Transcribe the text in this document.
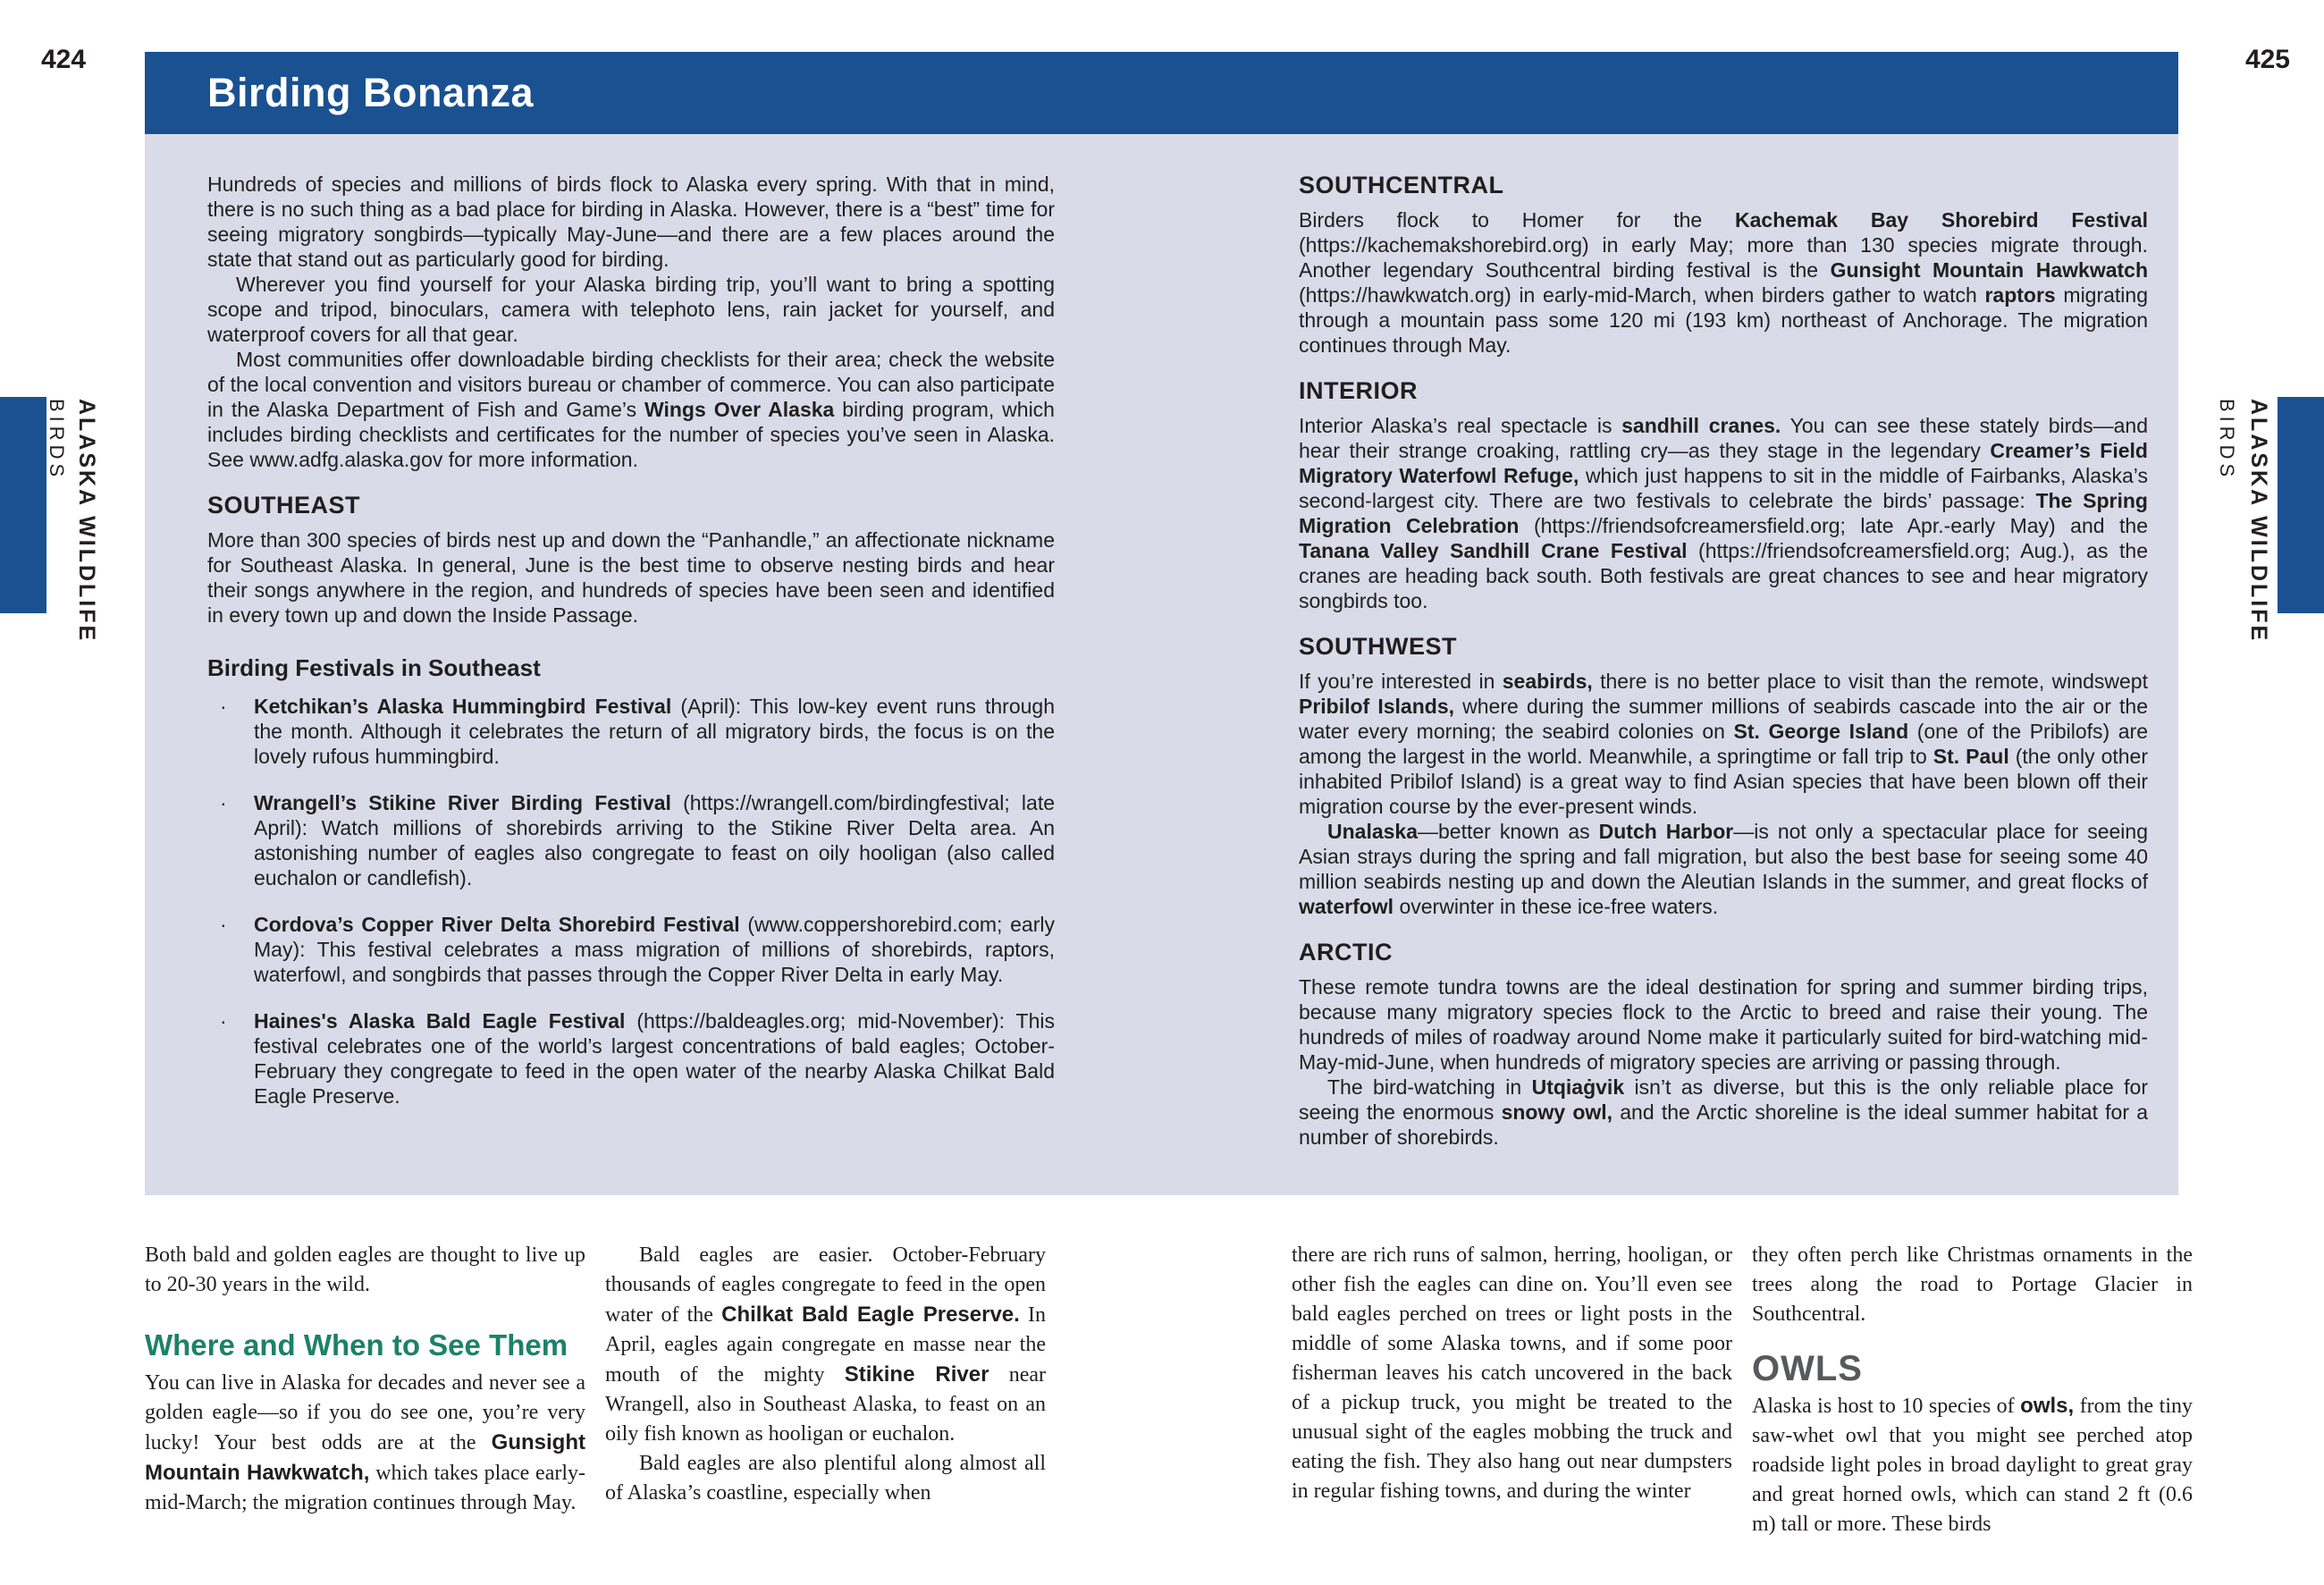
424	425
ALASKA WILDLIFE
BIRDS	ALASKA WILDLIFE
BIRDS
Birding Bonanza
Hundreds of species and millions of birds flock to Alaska every spring. With that in mind, there is no such thing as a bad place for birding in Alaska. However, there is a “best” time for seeing migratory songbirds—typically May-June—and there are a few places around the state that stand out as particularly good for birding.
Wherever you find yourself for your Alaska birding trip, you’ll want to bring a spotting scope and tripod, binoculars, camera with telephoto lens, rain jacket for yourself, and waterproof covers for all that gear.
Most communities offer downloadable birding checklists for their area; check the website of the local convention and visitors bureau or chamber of commerce. You can also participate in the Alaska Department of Fish and Game’s Wings Over Alaska birding program, which includes birding checklists and certificates for the number of species you’ve seen in Alaska. See www.adfg.alaska.gov for more information.
SOUTHEAST
More than 300 species of birds nest up and down the “Panhandle,” an affectionate nickname for Southeast Alaska. In general, June is the best time to observe nesting birds and hear their songs anywhere in the region, and hundreds of species have been seen and identified in every town up and down the Inside Passage.
Birding Festivals in Southeast
·	Ketchikan’s Alaska Hummingbird Festival (April): This low-key event runs through the month. Although it celebrates the return of all migratory birds, the focus is on the lovely rufous hummingbird.
·	Wrangell’s Stikine River Birding Festival (https://wrangell.com/birdingfestival; late April): Watch millions of shorebirds arriving to the Stikine River Delta area. An astonishing number of eagles also congregate to feast on oily hooligan (also called euchalon or candlefish).
·	Cordova’s Copper River Delta Shorebird Festival (www.coppershorebird.com; early May): This festival celebrates a mass migration of millions of shorebirds, raptors, waterfowl, and songbirds that passes through the Copper River Delta in early May.
·	Haines's Alaska Bald Eagle Festival (https://baldeagles.org; mid-November): This festival celebrates one of the world’s largest concentrations of bald eagles; October-February they congregate to feed in the open water of the nearby Alaska Chilkat Bald Eagle Preserve.
SOUTHCENTRAL
Birders flock to Homer for the Kachemak Bay Shorebird Festival (https://kachemakshorebird.org) in early May; more than 130 species migrate through. Another legendary Southcentral birding festival is the Gunsight Mountain Hawkwatch (https://hawkwatch.org) in early-mid-March, when birders gather to watch raptors migrating through a mountain pass some 120 mi (193 km) northeast of Anchorage. The migration continues through May.
INTERIOR
Interior Alaska’s real spectacle is sandhill cranes. You can see these stately birds—and hear their strange croaking, rattling cry—as they stage in the legendary Creamer’s Field Migratory Waterfowl Refuge, which just happens to sit in the middle of Fairbanks, Alaska’s second-largest city. There are two festivals to celebrate the birds’ passage: The Spring Migration Celebration (https://friendsofcreamersfield.org; late Apr.-early May) and the Tanana Valley Sandhill Crane Festival (https://friendsofcreamersfield.org; Aug.), as the cranes are heading back south. Both festivals are great chances to see and hear migratory songbirds too.
SOUTHWEST
If you’re interested in seabirds, there is no better place to visit than the remote, windswept Pribilof Islands, where during the summer millions of seabirds cascade into the air or the water every morning; the seabird colonies on St. George Island (one of the Pribilofs) are among the largest in the world. Meanwhile, a springtime or fall trip to St. Paul (the only other inhabited Pribilof Island) is a great way to find Asian species that have been blown off their migration course by the ever-present winds.
Unalaska—better known as Dutch Harbor—is not only a spectacular place for seeing Asian strays during the spring and fall migration, but also the best base for seeing some 40 million seabirds nesting up and down the Aleutian Islands in the summer, and great flocks of waterfowl overwinter in these ice-free waters.
ARCTIC
These remote tundra towns are the ideal destination for spring and summer birding trips, because many migratory species flock to the Arctic to breed and raise their young. The hundreds of miles of roadway around Nome make it particularly suited for bird-watching mid-May-mid-June, when hundreds of migratory species are arriving or passing through.
The bird-watching in Utqiaġvik isn’t as diverse, but this is the only reliable place for seeing the enormous snowy owl, and the Arctic shoreline is the ideal summer habitat for a number of shorebirds.
Both bald and golden eagles are thought to live up to 20-30 years in the wild.
Where and When to See Them
You can live in Alaska for decades and never see a golden eagle—so if you do see one, you’re very lucky! Your best odds are at the Gunsight Mountain Hawkwatch, which takes place early-mid-March; the migration continues through May.
Bald eagles are easier. October-February thousands of eagles congregate to feed in the open water of the Chilkat Bald Eagle Preserve. In April, eagles again congregate en masse near the mouth of the mighty Stikine River near Wrangell, also in Southeast Alaska, to feast on an oily fish known as hooligan or euchalon.
Bald eagles are also plentiful along almost all of Alaska’s coastline, especially when
there are rich runs of salmon, herring, hooligan, or other fish the eagles can dine on. You’ll even see bald eagles perched on trees or light posts in the middle of some Alaska towns, and if some poor fisherman leaves his catch uncovered in the back of a pickup truck, you might be treated to the unusual sight of the eagles mobbing the truck and eating the fish. They also hang out near dumpsters in regular fishing towns, and during the winter
they often perch like Christmas ornaments in the trees along the road to Portage Glacier in Southcentral.
OWLS
Alaska is host to 10 species of owls, from the tiny saw-whet owl that you might see perched atop roadside light poles in broad daylight to great gray and great horned owls, which can stand 2 ft (0.6 m) tall or more. These birds
